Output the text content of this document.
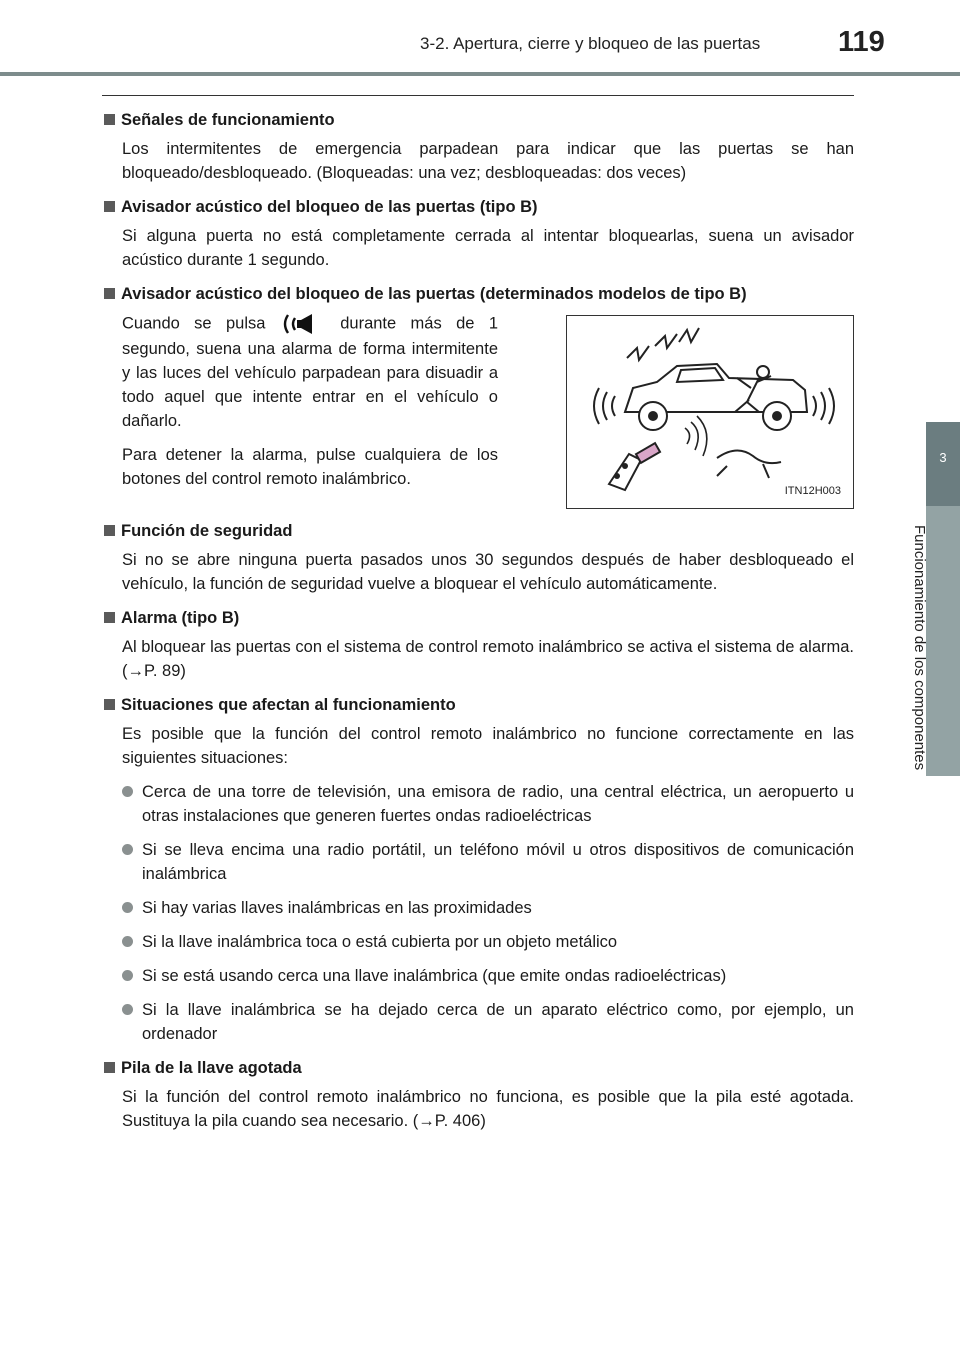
3-2. Apertura, cierre y bloqueo de las puertas	119
3
Funcionamiento de los componentes
Señales de funcionamiento
Los intermitentes de emergencia parpadean para indicar que las puertas se han bloqueado/desbloqueado. (Bloqueadas: una vez; desbloqueadas: dos veces)
Avisador acústico del bloqueo de las puertas (tipo B)
Si alguna puerta no está completamente cerrada al intentar bloquearlas, suena un avisador acústico durante 1 segundo.
Avisador acústico del bloqueo de las puertas (determinados modelos de tipo B)
Cuando se pulsa	durante más de 1 segundo, suena una alarma de forma intermitente y las luces del vehículo parpadean para disuadir a todo aquel que intente entrar en el vehículo o dañarlo.
Para detener la alarma, pulse cualquiera de los botones del control remoto inalámbrico.
ITN12H003
Función de seguridad
Si no se abre ninguna puerta pasados unos 30 segundos después de haber desbloqueado el vehículo, la función de seguridad vuelve a bloquear el vehículo automáticamente.
Alarma (tipo B)
Al bloquear las puertas con el sistema de control remoto inalámbrico se activa el sistema de alarma. (→P. 89)
Situaciones que afectan al funcionamiento
Es posible que la función del control remoto inalámbrico no funcione correctamente en las siguientes situaciones:
Cerca de una torre de televisión, una emisora de radio, una central eléctrica, un aeropuerto u otras instalaciones que generen fuertes ondas radioeléctricas
Si se lleva encima una radio portátil, un teléfono móvil u otros dispositivos de comunicación inalámbrica
Si hay varias llaves inalámbricas en las proximidades
Si la llave inalámbrica toca o está cubierta por un objeto metálico
Si se está usando cerca una llave inalámbrica (que emite ondas radioeléctricas)
Si la llave inalámbrica se ha dejado cerca de un aparato eléctrico como, por ejemplo, un ordenador
Pila de la llave agotada
Si la función del control remoto inalámbrico no funciona, es posible que la pila esté agotada. Sustituya la pila cuando sea necesario. (→P. 406)
